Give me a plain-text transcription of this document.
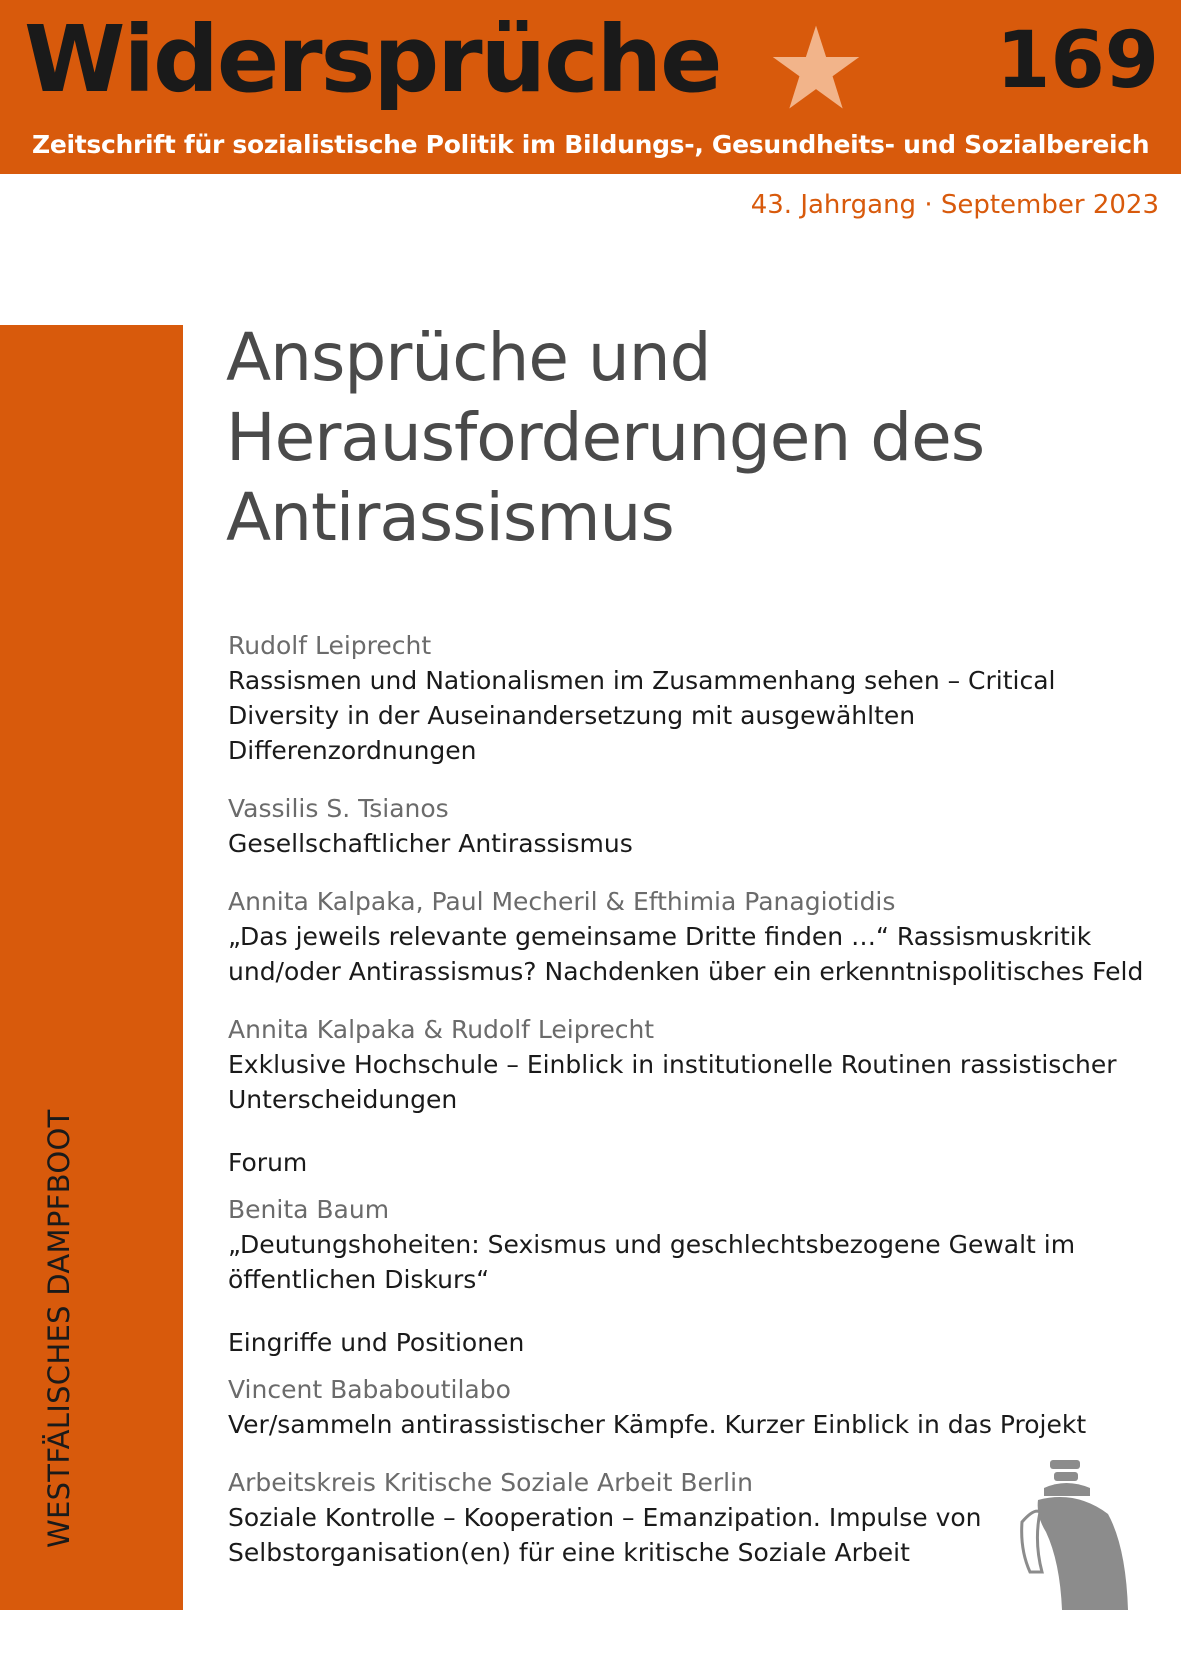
Widersprüche	169
Zeitschrift für sozialistische Politik im Bildungs-, Gesundheits- und Sozialbereich
43. Jahrgang · September 2023
WESTFÄLISCHES DAMPFBOOT
Ansprüche und Herausforderungen des Antirassismus
Rudolf Leiprecht
Rassismen und Nationalismen im Zusammenhang sehen – Critical Diversity in der Auseinandersetzung mit ausgewählten Differenzordnungen
Vassilis S. Tsianos
Gesellschaftlicher Antirassismus
Annita Kalpaka, Paul Mecheril & Efthimia Panagiotidis
„Das jeweils relevante gemeinsame Dritte finden …“ Rassismuskritik und/oder Antirassismus? Nachdenken über ein erkenntnispolitisches Feld
Annita Kalpaka & Rudolf Leiprecht
Exklusive Hochschule – Einblick in institutionelle Routinen rassistischer Unterscheidungen
Forum
Benita Baum
„Deutungshoheiten: Sexismus und geschlechtsbezogene Gewalt im öffentlichen Diskurs“
Eingriffe und Positionen
Vincent Bababoutilabo
Ver/sammeln antirassistischer Kämpfe. Kurzer Einblick in das Projekt
Arbeitskreis Kritische Soziale Arbeit Berlin
Soziale Kontrolle – Kooperation – Emanzipation. Impulse von Selbstorganisation(en) für eine kritische Soziale Arbeit
